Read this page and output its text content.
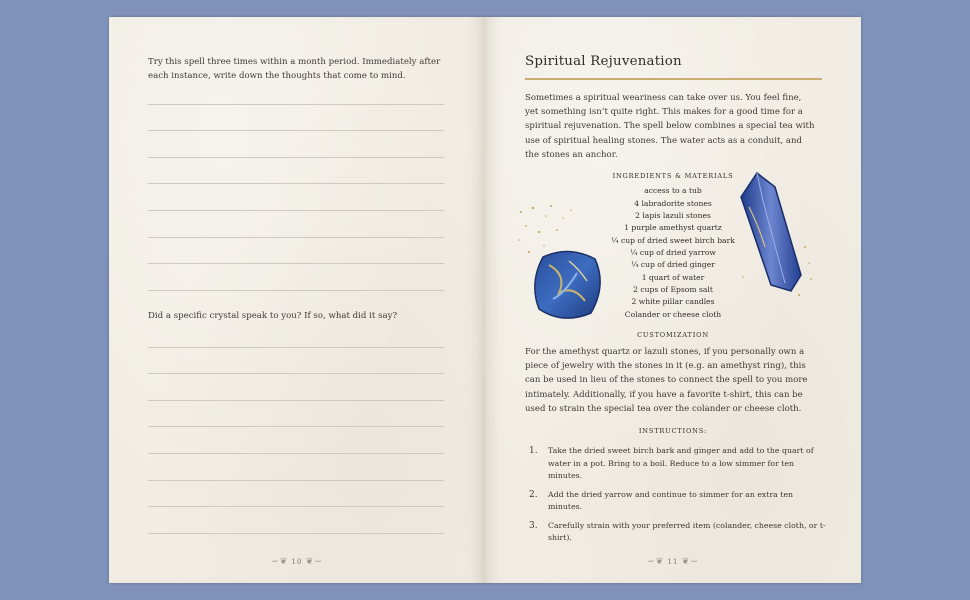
Try this spell three times within a month period. Immediately after each instance, write down the thoughts that come to mind.
Did a specific crystal speak to you? If so, what did it say?
∽❦ 10 ❦∼
Spiritual Rejuvenation
Sometimes a spiritual weariness can take over us. You feel fine, yet something isn’t quite right. This makes for a good time for a spiritual rejuvenation. The spell below combines a special tea with use of spiritual healing stones. The water acts as a conduit, and the stones an anchor.
INGREDIENTS & MATERIALS
access to a tub
4 labradorite stones
2 lapis lazuli stones
1 purple amethyst quartz
¼ cup of dried sweet birch bark
¼ cup of dried yarrow
¼ cup of dried ginger
1 quart of water
2 cups of Epsom salt
2 white pillar candles
Colander or cheese cloth
CUSTOMIZATION
For the amethyst quartz or lazuli stones, if you personally own a piece of jewelry with the stones in it (e.g. an amethyst ring), this can be used in lieu of the stones to connect the spell to you more intimately. Additionally, if you have a favorite t-shirt, this can be used to strain the special tea over the colander or cheese cloth.
INSTRUCTIONS:
1. Take the dried sweet birch bark and ginger and add to the quart of water in a pot. Bring to a boil. Reduce to a low simmer for ten minutes.
2. Add the dried yarrow and continue to simmer for an extra ten minutes.
3. Carefully strain with your preferred item (colander, cheese cloth, or t-shirt).
∽❦ 11 ❦∼
